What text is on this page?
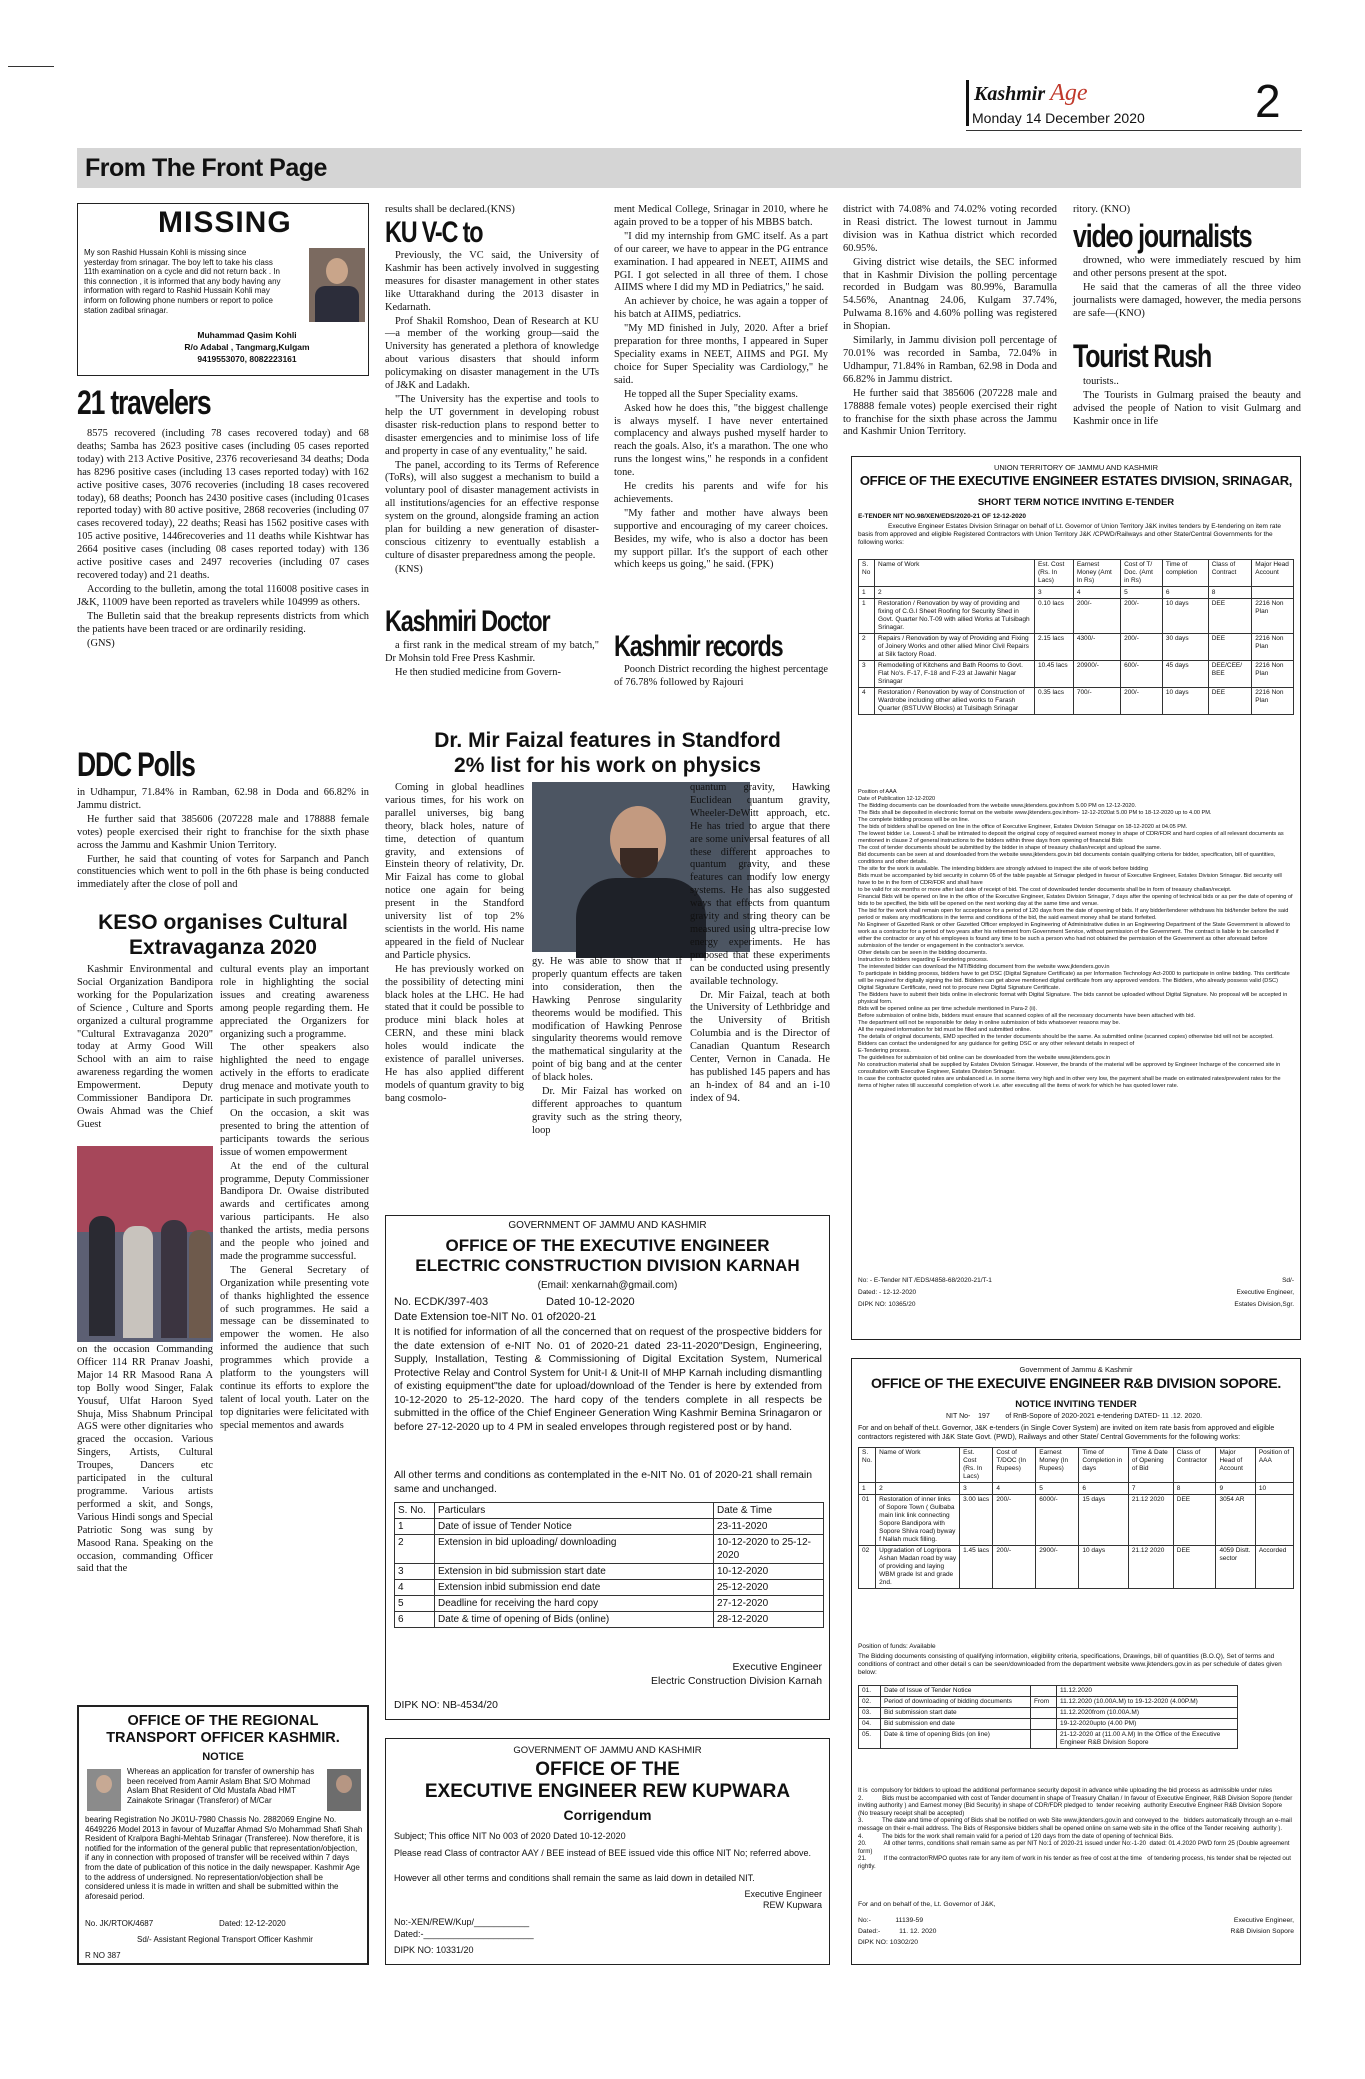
Kashmir Age
Monday 14 December 2020 2
From The Front Page
MISSING
My son Rashid Hussain Kohli is missing since yesterday from srinagar. The boy left to take his class 11th examination on a cycle and did not return back . In this connection , it is informed that any body having any information with regard to Rashid Hussain Kohli may inform on following phone numbers or report to police station zadibal srinagar.
Muhammad Qasim Kohli
R/o Adabal , Tangmarg,Kulgam
9419553070, 8082223161
21 travelers

8575 recovered (including 78 cases recovered today) and 68 deaths; Samba has 2623 positive cases (including 05 cases reported today) with 213 Active Positive, 2376 recoveriesand 34 deaths; Doda has 8296 positive cases (including 13 cases reported today) with 162 active positive cases, 3076 recoveries (including 18 cases recovered today), 68 deaths; Poonch has 2430 positive cases (including 01cases reported today) with 80 active positive, 2868 recoveries (including 07 cases recovered today), 22 deaths; Reasi has 1562 positive cases with 105 active positive, 1446recoveries and 11 deaths while Kishtwar has 2664 positive cases (including 08 cases reported today) with 136 active positive cases and 2497 recoveries (including 07 cases recovered today) and 21 deaths.

According to the bulletin, among the total 116008 positive cases in J&K, 11009 have been reported as travelers while 104999 as others.

The Bulletin said that the breakup represents districts from which the patients have been traced or are ordinarily residing.

(GNS)

DDC Polls

in Udhampur, 71.84% in Ramban, 62.98 in Doda and 66.82% in Jammu district.

He further said that 385606 (207228 male and 178888 female votes) people exercised their right to franchise for the sixth phase across the Jammu and Kashmir Union Territory.

Further, he said that counting of votes for Sarpanch and Panch constituencies which went to poll in the 6th phase is being conducted immediately after the close of poll and

KESO organises Cultural Extravaganza 2020

Kashmir Environmental and Social Organization Bandipora working for the Popularization of Science , Culture and Sports organized a cultural programme "Cultural Extravaganza 2020" today at Army Good Will School with an aim to raise awareness regarding the women Empowerment. Deputy Commissioner Bandipora Dr. Owais Ahmad was the Chief Guest

on the occasion Commanding Officer 114 RR Pranav Joashi, Major 14 RR Masood Rana A top Bolly wood Singer, Falak Yousuf, Ulfat Haroon Syed Shuja, Miss Shabnum Principal AGS were other dignitaries who graced the occasion. Various Singers, Artists, Cultural Troupes, Dancers etc participated in the cultural programme. Various artists performed a skit, and Songs, Various Hindi songs and Special Patriotic Song was sung by Masood Rana. Speaking on the occasion, commanding Officer said that the

cultural events play an important role in highlighting the social issues and creating awareness among people regarding them. He appreciated the Organizers for organizing such a programme.

The other speakers also highlighted the need to engage actively in the efforts to eradicate drug menace and motivate youth to participate in such programmes

On the occasion, a skit was presented to bring the attention of participants towards the serious issue of women empowerment

At the end of the cultural programme, Deputy Commissioner Bandipora Dr. Owaise distributed awards and certificates among various participants. He also thanked the artists, media persons and the people who joined and made the programme successful.

The General Secretary of Organization while presenting vote of thanks highlighted the essence of such programmes. He said a message can be disseminated to empower the women. He also informed the audience that such programmes which provide a platform to the youngsters will continue its efforts to explore the talent of local youth. Later on the top dignitaries were felicitated with special mementos and awards

OFFICE OF THE REGIONAL TRANSPORT OFFICER KASHMIR.
NOTICE
Whereas an application for transfer of ownership has been received from Aamir Aslam Bhat S/O Mohmad Aslam Bhat Resident of Old Mustafa Abad HMT Zainakote Srinagar (Transferor) of M/Car
bearing Registration No JK01U-7980 Chassis No. 2882069 Engine No. 4649226 Model 2013 in favour of Muzaffar Ahmad S/o Mohammad Shafi Shah Resident of Kralpora Baghi-Mehtab Srinagar (Transferee). Now therefore, it is notified for the information of the general public that representation/objection, if any in connection with proposed of transfer will be received within 7 days from the date of publication of this notice in the daily newspaper. Kashmir Age to the address of undersigned. No representation/objection shall be considered unless it is made in written and shall be submitted within the aforesaid period.
No. JK/RTOK/4687	Dated: 12-12-2020
Sd/- Assistant Regional Transport Officer Kashmir
R NO 387

results shall be declared.(KNS)

KU V-C to

Previously, the VC said, the University of Kashmir has been actively involved in suggesting measures for disaster management in other states like Uttarakhand during the 2013 disaster in Kedarnath.

Prof Shakil Romshoo, Dean of Research at KU—a member of the working group—said the University has generated a plethora of knowledge about various disasters that should inform policymaking on disaster management in the UTs of J&K and Ladakh.

"The University has the expertise and tools to help the UT government in developing robust disaster risk-reduction plans to respond better to disaster emergencies and to minimise loss of life and property in case of any eventuality," he said.

The panel, according to its Terms of Reference (ToRs), will also suggest a mechanism to build a voluntary pool of disaster management activists in all institutions/agencies for an effective response system on the ground, alongside framing an action plan for building a new generation of disaster-conscious citizenry to eventually establish a culture of disaster preparedness among the people.

(KNS)

Kashmiri Doctor

a first rank in the medical stream of my batch," Dr Mohsin told Free Press Kashmir.

He then studied medicine from Govern-

ment Medical College, Srinagar in 2010, where he again proved to be a topper of his MBBS batch.

"I did my internship from GMC itself. As a part of our career, we have to appear in the PG entrance examination. I had appeared in NEET, AIIMS and PGI. I got selected in all three of them. I chose AIIMS where I did my MD in Pediatrics," he said.

An achiever by choice, he was again a topper of his batch at AIIMS, pediatrics.

"My MD finished in July, 2020. After a brief preparation for three months, I appeared in Super Speciality exams in NEET, AIIMS and PGI. My choice for Super Speciality was Cardiology," he said.

He topped all the Super Speciality exams.

Asked how he does this, "the biggest challenge is always myself. I have never entertained complacency and always pushed myself harder to reach the goals. Also, it's a marathon. The one who runs the longest wins," he responds in a confident tone.

He credits his parents and wife for his achievements.

"My father and mother have always been supportive and encouraging of my career choices. Besides, my wife, who is also a doctor has been my support pillar. It's the support of each other which keeps us going," he said. (FPK)

Kashmir records

Poonch District recording the highest percentage of 76.78% followed by Rajouri

district with 74.08% and 74.02% voting recorded in Reasi district. The lowest turnout in Jammu division was in Kathua district which recorded 60.95%.

Giving district wise details, the SEC informed that in Kashmir Division the polling percentage recorded in Budgam was 80.99%, Baramulla 54.56%, Anantnag 24.06, Kulgam 37.74%, Pulwama 8.16% and 4.60% polling was registered in Shopian.

Similarly, in Jammu division poll percentage of 70.01% was recorded in Samba, 72.04% in Udhampur, 71.84% in Ramban, 62.98 in Doda and 66.82% in Jammu district.

He further said that 385606 (207228 male and 178888 female votes) people exercised their right to franchise for the sixth phase across the Jammu and Kashmir Union Territory.

ritory. (KNO)

video journalists

drowned, who were immediately rescued by him and other persons present at the spot.

He said that the cameras of all the three video journalists were damaged, however, the media persons are safe—(KNO)

Tourist Rush

tourists..

The Tourists in Gulmarg praised the beauty and advised the people of Nation to visit Gulmarg and Kashmir once in life

Dr. Mir Faizal features in Standford
2% list for his work on physics

Coming in global headlines various times, for his work on parallel universes, big bang theory, black holes, nature of time, detection of quantum gravity, and extensions of Einstein theory of relativity, Dr. Mir Faizal has come to global notice one again for being present in the Standford university list of top 2% scientists in the world. His name appeared in the field of Nuclear and Particle physics.

He has previously worked on the possibility of detecting mini black holes at the LHC. He had stated that it could be possible to produce mini black holes at CERN, and these mini black holes would indicate the existence of parallel universes. He has also applied different models of quantum gravity to big bang cosmolo-

gy. He was able to show that if properly quantum effects are taken into consideration, then the Hawking Penrose singularity theorems would be modified. This modification of Hawking Penrose singularity theorems would remove the mathematical singularity at the point of big bang and at the center of black holes.

Dr. Mir Faizal has worked on different approaches to quantum gravity such as the string theory, loop

GOVERNMENT OF JAMMU AND KASHMIR
OFFICE OF THE EXECUTIVE ENGINEER
ELECTRIC CONSTRUCTION DIVISION KARNAH
(Email: xenkarnah@gmail.com)
No. ECDK/397-403	Dated 10-12-2020
Date Extension toe-NIT No. 01 of2020-21
It is notified for information of all the concerned that on request of the prospective bidders for the date extension of e-NIT No. 01 of 2020-21 dated 23-11-2020"Design, Engineering, Supply, Installation, Testing & Commissioning of Digital Excitation System, Numerical Protective Relay and Control System for Unit-I & Unit-II of MHP Karnah including dismantling of existing equipment"the date for upload/download of the Tender is here by extended from 10-12-2020 to 25-12-2020. The hard copy of the tenders complete in all respects be submitted in the office of the Chief Engineer Generation Wing Kashmir Bemina Srinagaron or before 27-12-2020 up to 4 PM in sealed envelopes through registered post or by hand.
All other terms and conditions as contemplated in the e-NIT No. 01 of 2020-21 shall remain same and unchanged.
S. No.	Particulars	Date & Time
1	Date of issue of Tender Notice	23-11-2020
2	Extension in bid uploading/ downloading	10-12-2020 to 25-12-2020
3	Extension in bid submission start date	10-12-2020
4	Extension inbid submission end date	25-12-2020
5	Deadline for receiving the hard copy	27-12-2020
6	Date & time of opening of Bids (online)	28-12-2020
Executive Engineer
Electric Construction Division Karnah
DIPK NO: NB-4534/20
GOVERNMENT OF JAMMU AND KASHMIR
OFFICE OF THE
EXECUTIVE ENGINEER REW KUPWARA
Corrigendum
Subject; This office NIT No 003 of 2020 Dated 10-12-2020
Please read Class of contractor AAY / BEE instead of BEE issued vide this office NIT No; referred above.
However all other terms and conditions shall remain the same as laid down in detailed NIT.
Executive Engineer
REW Kupwara
No:-XEN/REW/Kup/___________
Dated:-______________________
DIPK NO: 10331/20
UNION TERRITORY OF JAMMU AND KASHMIR
OFFICE OF THE EXECUTIVE ENGINEER ESTATES DIVISION, SRINAGAR,
SHORT TERM NOTICE INVITING E-TENDER
E-TENDER NIT NO.98/XEN/EDS/2020-21 OF 12-12-2020
Executive Engineer Estates Division Srinagar on behalf of Lt. Governor of Union Territory J&K invites tenders by E-tendering on item rate basis from approved and eligible Registered Contractors with Union Territory J&K /CPWD/Railways and other State/Central Governments for the following works:
S. No	Name of Work	Est. Cost (Rs. In Lacs)	Earnest Money (Amt In Rs)	Cost of T/ Doc. (Amt in Rs)	Time of completion	Class of Contract	Major Head Account
1	2	3	4	5	6	8	
1	Restoration / Renovation by way of providing and fixing of C.G.I Sheet Roofing for Security Shed in Govt. Quarter No.T-09 with allied Works at Tulsibagh Srinagar.	0.10 lacs	200/-	200/-	10 days	DEE	2216 Non Plan
2	Repairs / Renovation by way of Providing and Fixing of Joinery Works and other allied Minor Civil Repairs at Silk factory Road.	2.15 lacs	4300/-	200/-	30 days	DEE	2216 Non Plan
3	Remodelling of Kitchens and Bath Rooms to Govt. Flat No's. F-17, F-18 and F-23 at Jawahir Nagar Srinagar	10.45 lacs	20900/-	600/-	45 days	DEE/CEE/ BEE	2216 Non Plan
4	Restoration / Renovation by way of Construction of Wardrobe including other allied works to Farash Quarter (BSTUVW Blocks) at Tulsibagh Srinagar	0.35 lacs	700/-	200/-	10 days	DEE	2216 Non Plan
Position of AAA
Date of Publication 12-12-2020
The Bidding documents can be downloaded from the website www.jktenders.gov.infrom 5.00 PM on 12-12-2020.
The Bids shall be deposited in electronic format on the website www.jktenders.gov.infrom- 12-12-2020at 5.00 PM to 18-12-2020 up to 4.00 PM.
The complete bidding process will be on line.
The bids of bidders shall be opened on line in the office of Executive Engineer, Estates Division Srinagar on 18-12-2020 at 04.05 PM.
The lowest bidder i.e. Lowest-1 shall be intimated to deposit the original copy of required earnest money in shape of CDR/FDR and hard copies of all relevant documents as mentioned in clause 2 of general instructions to the bidders within three days from opening of financial Bids
The cost of tender documents should be submitted by the bidder in shape of treasury challan/receipt and upload the same.
Bid documents can be seen at and downloaded from the website www.jktenders.gov.in bid documents contain qualifying criteria for bidder, specification, bill of quantities, conditions and other details.
The site for the work is available. The intending bidders are strongly advised to inspect the site of work before bidding
Bids must be accompanied by bid security in column 05 of the table payable at Srinagar pledged in favour of Executive Engineer, Estates Division Srinagar. Bid security will have to be in the form of CDR/FDR and shall have
to be valid for six months or more after last date of receipt of bid. The cost of downloaded tender documents shall be in form of treasury challan/receipt.
Financial Bids will be opened on line in the office of the Executive Engineer, Estates Division Srinagar, 7 days after the opening of technical bids or as per the date of opening of bids to be specified, the bids will be opened on the next working day at the same time and venue.
The bid for the work shall remain open for acceptance for a period of 120 days from the date of opening of bids. If any bidder/tenderer withdraws his bid/tender before the said period or makes any modifications in the terms and conditions of the bid, the said earnest money shall be stand forfeited.
No Engineer of Gazetted Rank or other Gazetted Officer employed in Engineering of Administrative duties in an Engineering Department of the State Government is allowed to work as a contractor for a period of two years after his retirement from Government Service, without permission of the Government. The contract is liable to be cancelled if either the contractor or any of his employees is found any time to be such a person who had not obtained the permission of the Government as other aforesaid before submission of the tender or engagement in the contractor's service.
Other details can be seen in the bidding documents.
Instruction to bidders regarding E-tendering process.
The interested bidder can download the NIT/Bidding document from the website www.jktenders.gov.in
To participate in bidding process, bidders have to get DSC (Digital Signature Certificate) as per Information Technology Act-2000 to participate in online bidding. This certificate will be required for digitally signing the bid. Bidders can get above mentioned digital certificate from any approved vendors. The Bidders, who already possess valid (DSC) Digital Signature Certificate, need not to procure new Digital Signature Certificate.
The Bidders have to submit their bids online in electronic format with Digital Signature. The bids cannot be uploaded without Digital Signature. No proposal will be accepted in physical form.
Bids will be opened online as per time schedule mentioned in Para-2 (ii).
Before submission of online bids, bidders must ensure that scanned copies of all the necessary documents have been attached with bid.
The department will not be responsible for delay in online submission of bids whatsoever reasons may be.
All the required information for bid must be filled and submitted online.
The details of original documents, EMD specified in the tender documents should be the same. As submitted online (scanned copies) otherwise bid will not be accepted.
Bidders can contact the undersigned for any guidance for getting DSC or any other relevant details in respect of
E-Tendering process.
The guidelines for submission of bid online can be downloaded from the website www.jktenders.gov.in
No construction material shall be supplied by Estates Division Srinagar. However, the brands of the material will be approved by Engineer Incharge of the concerned site in consultation with Executive Engineer, Estates Division Srinagar.
In case the contractor quoted rates are unbalanced i.e. in some items very high and in other very low, the payment shall be made on estimated rates/prevalent rates for the items of higher rates till successful completion of work i.e. after executing all the items of work for which he has quoted lower rate.
No: - E-Tender NIT /EDS/4858-68/2020-21/T-1
Dated: - 12-12-2020
DIPK NO: 10365/20
Sd/-
Executive Engineer,
Estates Division,Sgr.
Government of Jammu & Kashmir
OFFICE OF THE EXECUIVE ENGINEER R&B DIVISION SOPORE.
NOTICE INVITING TENDER
NIT No-    197        of RnB-Sopore of 2020-2021 e-tendering DATED- 11 .12. 2020.
For and on behalf of theLt. Governor, J&K e-tenders (in Single Cover System) are invited on item rate basis from approved and eligible contractors registered with J&K State Govt. (PWD), Railways and other State/ Central Governments for the following works:
S. No.	Name of Work	Est. Cost (Rs. In Lacs)	Cost of T/DOC (In Rupees)	Earnest Money (In Rupees)	Time of Completion in days	Time & Date of Opening of Bid	Class of Contractor	Major Head of Account	Position of AAA
1	2	3	4	5	6	7	8	9	10
01	Restoration of inner links of Sopore Town ( Gulbaba main link link connecting Sopore Bandipora with Sopore Shiva road) byway f Nallah muck filling.	3.00 lacs	200/-	6000/-	15 days	21.12 2020	DEE	3054 AR	
02	Upgradation of Logripora Ashan Madan road by way of providing and laying WBM grade Ist and grade 2nd.	1.45 lacs	200/-	2900/-	10 days	21.12 2020	DEE	4059 Distt. sector	Accorded
Position of funds: Available
The Bidding documents consisting of qualifying information, eligibility criteria, specifications, Drawings, bill of quantities (B.O.Q), Set of terms and conditions of contract and other detail s can be seen/downloaded from the department website www.jktenders.gov.in as per schedule of dates given below:
01.	Date of Issue of Tender Notice		11.12.2020
02.	Period of downloading of bidding documents	From	11.12.2020 (10.00A.M) to 19-12-2020 (4.00P.M)
03.	Bid submission start date		11.12.2020from (10.00A.M)
04.	Bid submission end date		19-12-2020upto (4.00 PM)
05.	Date & time of opening Bids (on line)		21-12-2020 at (11.00 A.M) In the Office of the Executive Engineer R&B Division Sopore
It is  compulsory for bidders to upload the additional performance security deposit in advance while uploading the bid process as admissible under rules
2.           Bids must be accompanied with cost of Tender document in shape of Treasury Challan / In favour of Executive Engineer, R&B Division Sopore (tender inviting authority ) and Earnest money (Bid Security) in shape of CDR/FDR pledged to  tender receiving  authority Executive Engineer R&B Division Sopore           (No treasury receipt shall be accepted)
3.           The date and time of opening of Bids shall be notified on web Site www.jktenders.gov.in and conveyed to the   bidders automatically through an e-mail message on their e-mail address. The Bids of Responsive bidders shall be opened online on same web site in the office of the Tender receiving  authority ).
4.           The bids for the work shall remain valid for a period of 120 days from the date of opening of technical Bids.
20.          All other terms, conditions shall remain same as per NIT No:1 of 2020-21 issued under No:-1-20  dated: 01.4.2020 PWD form 25 (Double agreement form)
21.          If the contractor/RMPO quotes rate for any item of work in his tender as free of cost at the time   of tendering process, his tender shall be rejected out rightly.
For and on behalf of the, Lt. Governor of J&K,
No:-             11139-59
Dated:-          11. 12. 2020
DIPK NO: 10302/20
Executive Engineer,
R&B Division Sopore

quantum gravity, Hawking Euclidean quantum gravity, Wheeler-DeWitt approach, etc. He has tried to argue that there are some universal features of all these different approaches to quantum gravity, and these features can modify low energy systems. He has also suggested ways that effects from quantum gravity and string theory can be measured using ultra-precise low energy experiments. He has proposed that these experiments can be conducted using presently available technology.

Dr. Mir Faizal, teach at both the University of Lethbridge and the University of British Columbia and is the Director of Canadian Quantum Research Center, Vernon in Canada. He has published 145 papers and has an h-index of 84 and an i-10 index of 94.
